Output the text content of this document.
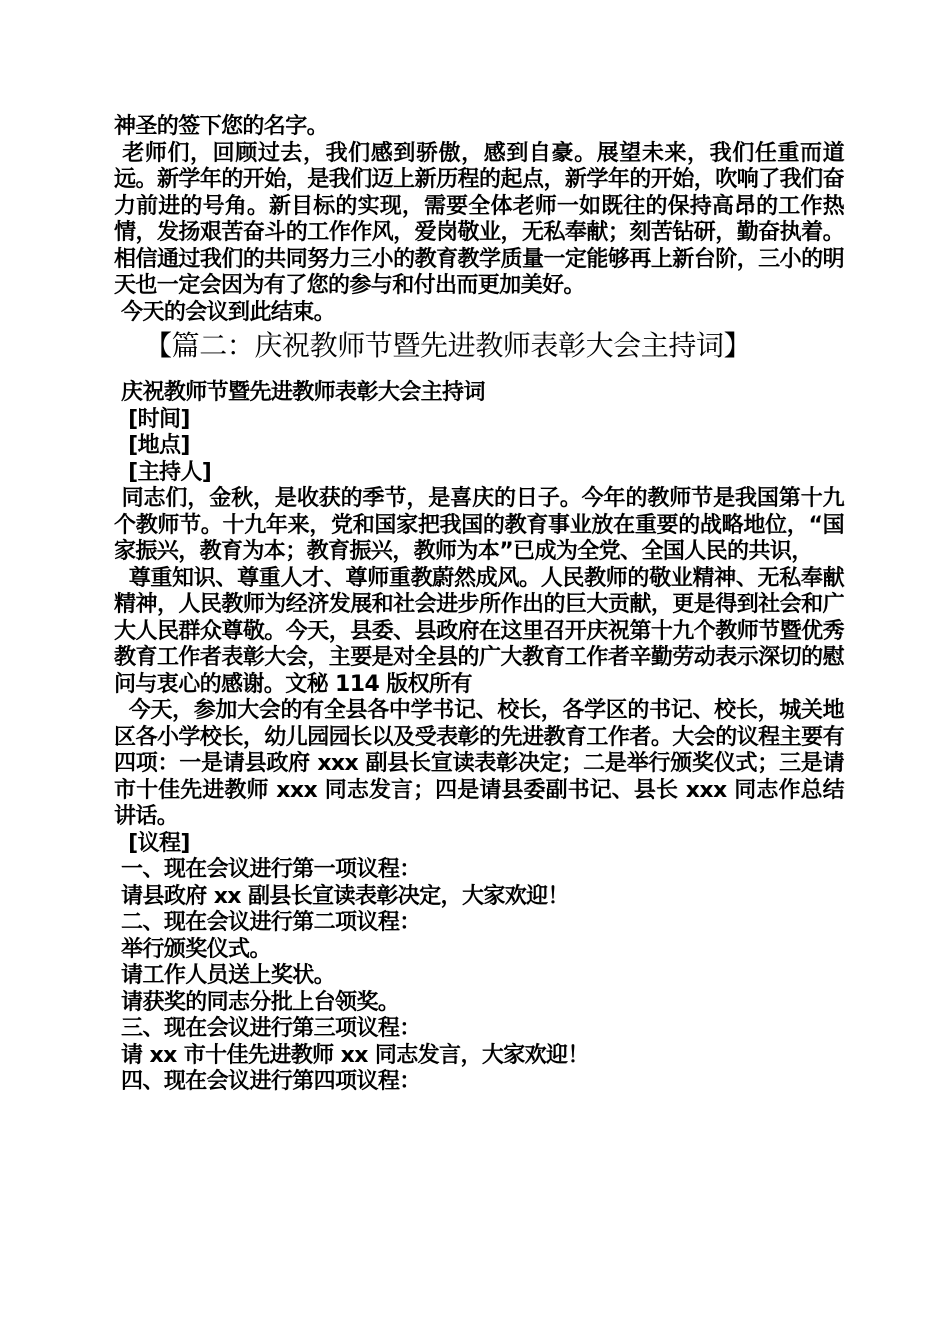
神圣的签下您的名字。

老师们，回顾过去，我们感到骄傲，感到自豪。展望未来，我们任重而道远。新学年的开始，是我们迈上新历程的起点，新学年的开始，吹响了我们奋力前进的号角。新目标的实现，需要全体老师一如既往的保持高昂的工作热情，发扬艰苦奋斗的工作作风，爱岗敬业，无私奉献；刻苦钻研，勤奋执着。相信通过我们的共同努力三小的教育教学质量一定能够再上新台阶，三小的明天也一定会因为有了您的参与和付出而更加美好。

今天的会议到此结束。

【篇二：庆祝教师节暨先进教师表彰大会主持词】

庆祝教师节暨先进教师表彰大会主持词

[时间]

[地点]

[主持人]

同志们，金秋，是收获的季节，是喜庆的日子。今年的教师节是我国第十九个教师节。十九年来，党和国家把我国的教育事业放在重要的战略地位，“国家振兴，教育为本；教育振兴，教师为本”已成为全党、全国人民的共识，

尊重知识、尊重人才、尊师重教蔚然成风。人民教师的敬业精神、无私奉献精神，人民教师为经济发展和社会进步所作出的巨大贡献，更是得到社会和广大人民群众尊敬。今天，县委、县政府在这里召开庆祝第十九个教师节暨优秀教育工作者表彰大会，主要是对全县的广大教育工作者辛勤劳动表示深切的慰问与衷心的感谢。文秘 114 版权所有

今天，参加大会的有全县各中学书记、校长，各学区的书记、校长，城关地区各小学校长，幼儿园园长以及受表彰的先进教育工作者。大会的议程主要有四项：一是请县政府 xxx 副县长宣读表彰决定；二是举行颁奖仪式；三是请市十佳先进教师 xxx 同志发言；四是请县委副书记、县长 xxx 同志作总结讲话。

[议程]

一、现在会议进行第一项议程：

请县政府 xx 副县长宣读表彰决定，大家欢迎！

二、现在会议进行第二项议程：

举行颁奖仪式。

请工作人员送上奖状。

请获奖的同志分批上台领奖。

三、现在会议进行第三项议程：

请 xx 市十佳先进教师 xx 同志发言，大家欢迎！

四、现在会议进行第四项议程：
